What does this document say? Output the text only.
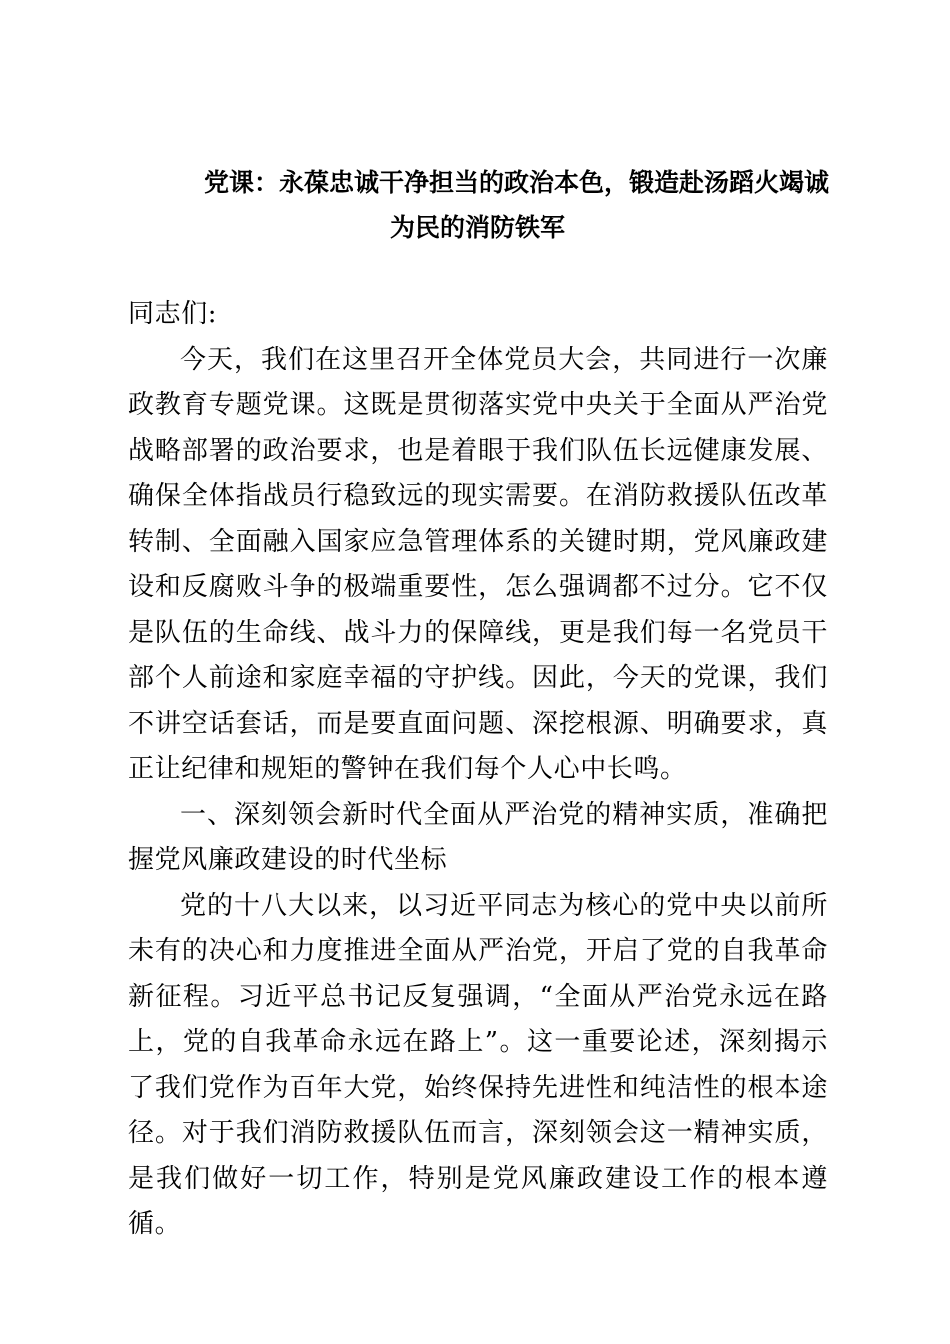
党课：永葆忠诚干净担当的政治本色，锻造赴汤蹈火竭诚
为民的消防铁军

同志们:

今天，我们在这里召开全体党员大会，共同进行一次廉政教育专题党课。这既是贯彻落实党中央关于全面从严治党战略部署的政治要求，也是着眼于我们队伍长远健康发展、确保全体指战员行稳致远的现实需要。在消防救援队伍改革转制、全面融入国家应急管理体系的关键时期，党风廉政建设和反腐败斗争的极端重要性，怎么强调都不过分。它不仅是队伍的生命线、战斗力的保障线，更是我们每一名党员干部个人前途和家庭幸福的守护线。因此，今天的党课，我们不讲空话套话，而是要直面问题、深挖根源、明确要求，真正让纪律和规矩的警钟在我们每个人心中长鸣。

一、深刻领会新时代全面从严治党的精神实质，准确把握党风廉政建设的时代坐标

党的十八大以来，以习近平同志为核心的党中央以前所未有的决心和力度推进全面从严治党，开启了党的自我革命新征程。习近平总书记反复强调，“全面从严治党永远在路上，党的自我革命永远在路上”。这一重要论述，深刻揭示了我们党作为百年大党，始终保持先进性和纯洁性的根本途径。对于我们消防救援队伍而言，深刻领会这一精神实质，是我们做好一切工作，特别是党风廉政建设工作的根本遵循。
